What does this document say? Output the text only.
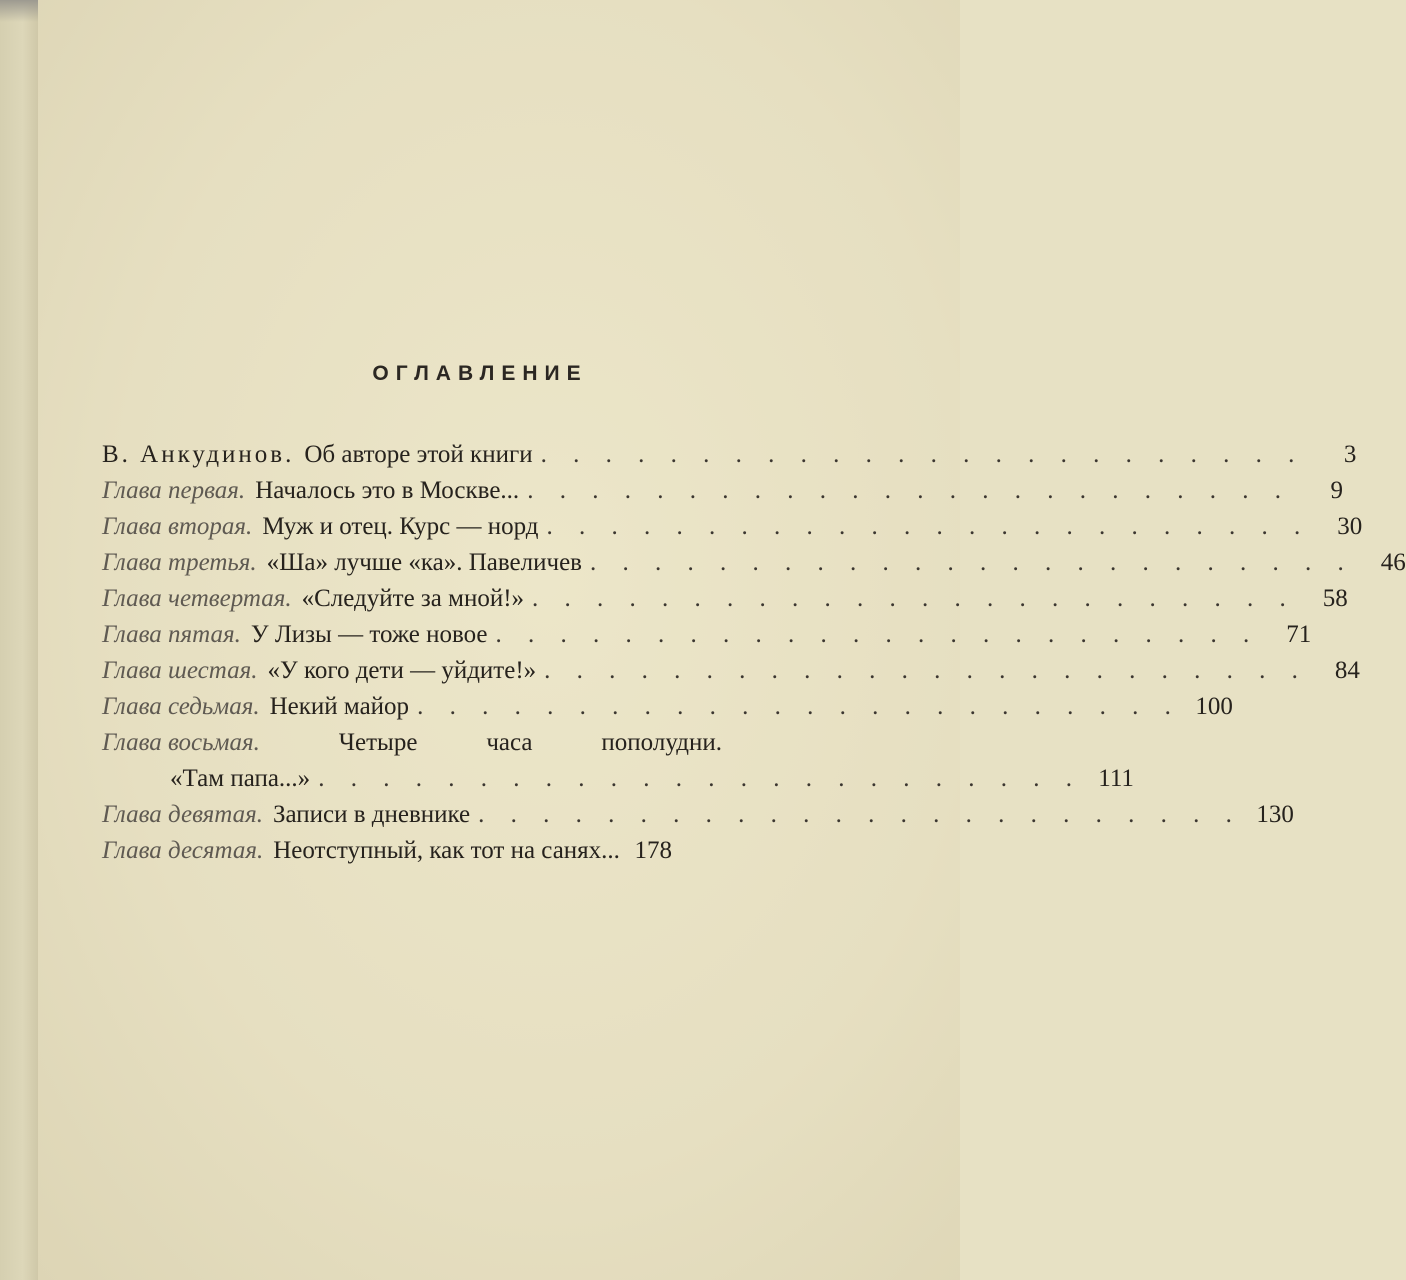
ОГЛАВЛЕНИЕ
В. Анкудинов. Об авторе этой книги . . . . . . . . . . . . . . . . . . . . . . . .	3
Глава первая. Началось это в Москве... . . . . . . . . . . . . . . . . . . . . . . . .	9
Глава вторая. Муж и отец. Курс — норд . . . . . . . . . . . . . . . . . . . . . . . .	30
Глава третья. «Ша» лучше «ка». Павеличев . . . . . . . . . . . . . . . . . . . . . . . .	46
Глава четвертая. «Следуйте за мной!» . . . . . . . . . . . . . . . . . . . . . . . .	58
Глава пятая. У Лизы — тоже новое . . . . . . . . . . . . . . . . . . . . . . . .	71
Глава шестая. «У кого дети — уйдите!» . . . . . . . . . . . . . . . . . . . . . . . .	84
Глава седьмая. Некий майор . . . . . . . . . . . . . . . . . . . . . . . . 100
Глава восьмая.	Четыре	часа	пополудни.
«Там папа...» . . . . . . . . . . . . . . . . . . . . . . . . 111
Глава девятая. Записи в дневнике . . . . . . . . . . . . . . . . . . . . . . . . 130
Глава десятая. Неотступный, как тот на санях... 178
